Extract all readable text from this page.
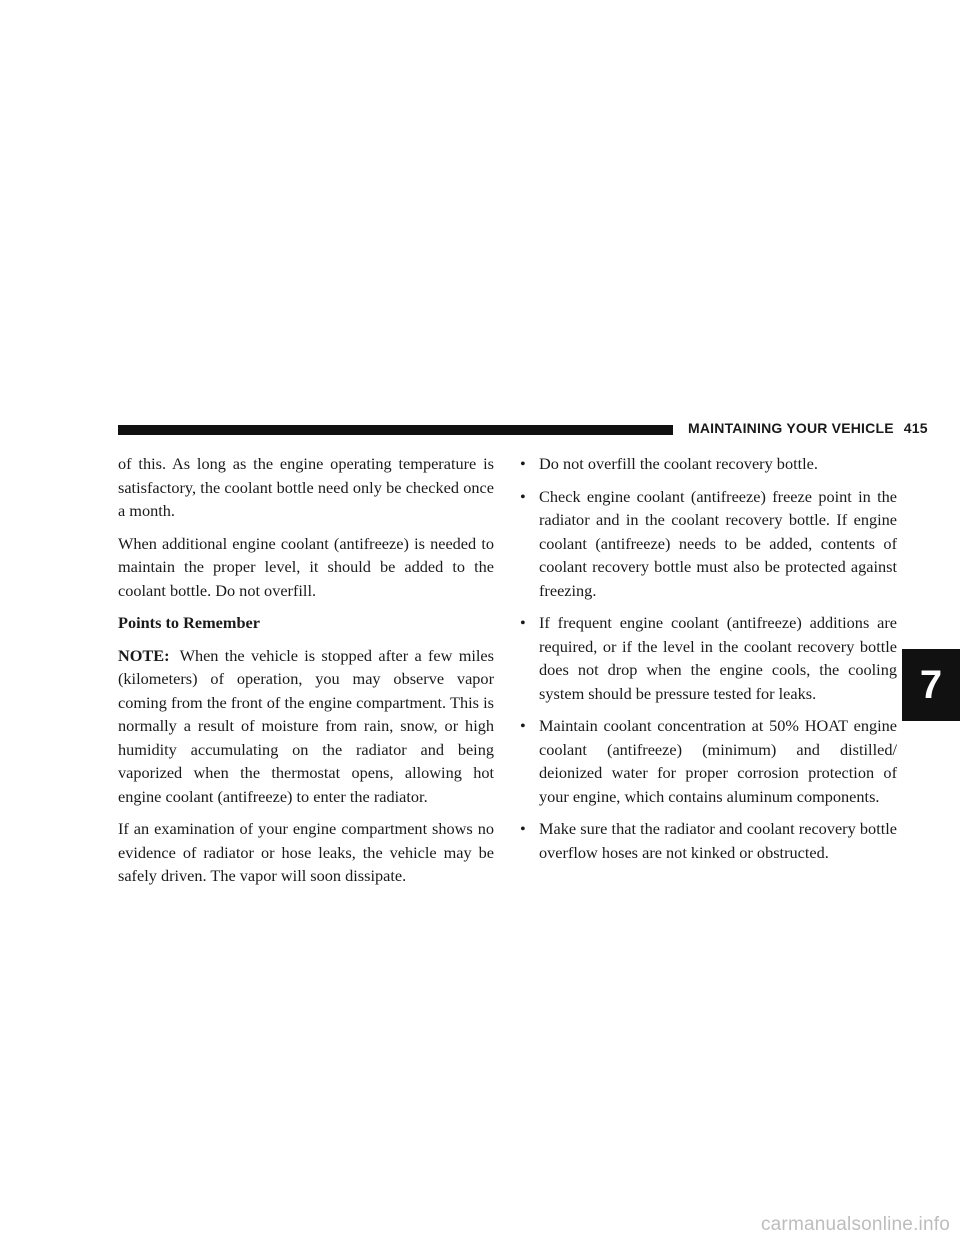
MAINTAINING YOUR VEHICLE 415

of this. As long as the engine operating temperature is satisfactory, the coolant bottle need only be checked once a month.

When additional engine coolant (antifreeze) is needed to maintain the proper level, it should be added to the coolant bottle. Do not overfill.

Points to Remember

NOTE: When the vehicle is stopped after a few miles (kilometers) of operation, you may observe vapor coming from the front of the engine compartment. This is normally a result of moisture from rain, snow, or high humidity accumulating on the radiator and being vaporized when the thermostat opens, allowing hot engine coolant (antifreeze) to enter the radiator.

If an examination of your engine compartment shows no evidence of radiator or hose leaks, the vehicle may be safely driven. The vapor will soon dissipate.

• Do not overfill the coolant recovery bottle.
• Check engine coolant (antifreeze) freeze point in the radiator and in the coolant recovery bottle. If engine coolant (antifreeze) needs to be added, contents of coolant recovery bottle must also be protected against freezing.
• If frequent engine coolant (antifreeze) additions are required, or if the level in the coolant recovery bottle does not drop when the engine cools, the cooling system should be pressure tested for leaks.
• Maintain coolant concentration at 50% HOAT engine coolant (antifreeze) (minimum) and distilled/ deionized water for proper corrosion protection of your engine, which contains aluminum components.
• Make sure that the radiator and coolant recovery bottle overflow hoses are not kinked or obstructed.
7
carmanualsonline.info
